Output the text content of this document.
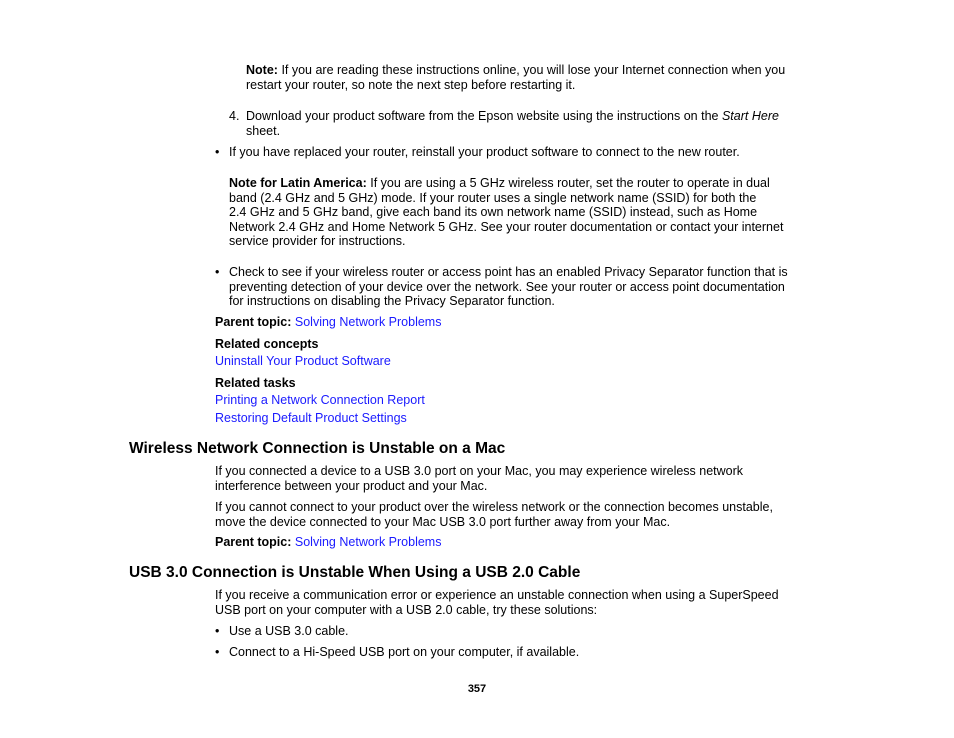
Note: If you are reading these instructions online, you will lose your Internet connection when you
restart your router, so note the next step before restarting it.
4. Download your product software from the Epson website using the instructions on the Start Here
sheet.
• If you have replaced your router, reinstall your product software to connect to the new router.
Note for Latin America: If you are using a 5 GHz wireless router, set the router to operate in dual
band (2.4 GHz and 5 GHz) mode. If your router uses a single network name (SSID) for both the
2.4 GHz and 5 GHz band, give each band its own network name (SSID) instead, such as Home
Network 2.4 GHz and Home Network 5 GHz. See your router documentation or contact your internet
service provider for instructions.
• Check to see if your wireless router or access point has an enabled Privacy Separator function that is
preventing detection of your device over the network. See your router or access point documentation
for instructions on disabling the Privacy Separator function.
Parent topic: Solving Network Problems
Related concepts
Uninstall Your Product Software
Related tasks
Printing a Network Connection Report
Restoring Default Product Settings
Wireless Network Connection is Unstable on a Mac
If you connected a device to a USB 3.0 port on your Mac, you may experience wireless network
interference between your product and your Mac.
If you cannot connect to your product over the wireless network or the connection becomes unstable,
move the device connected to your Mac USB 3.0 port further away from your Mac.
Parent topic: Solving Network Problems
USB 3.0 Connection is Unstable When Using a USB 2.0 Cable
If you receive a communication error or experience an unstable connection when using a SuperSpeed
USB port on your computer with a USB 2.0 cable, try these solutions:
• Use a USB 3.0 cable.
• Connect to a Hi-Speed USB port on your computer, if available.
357
